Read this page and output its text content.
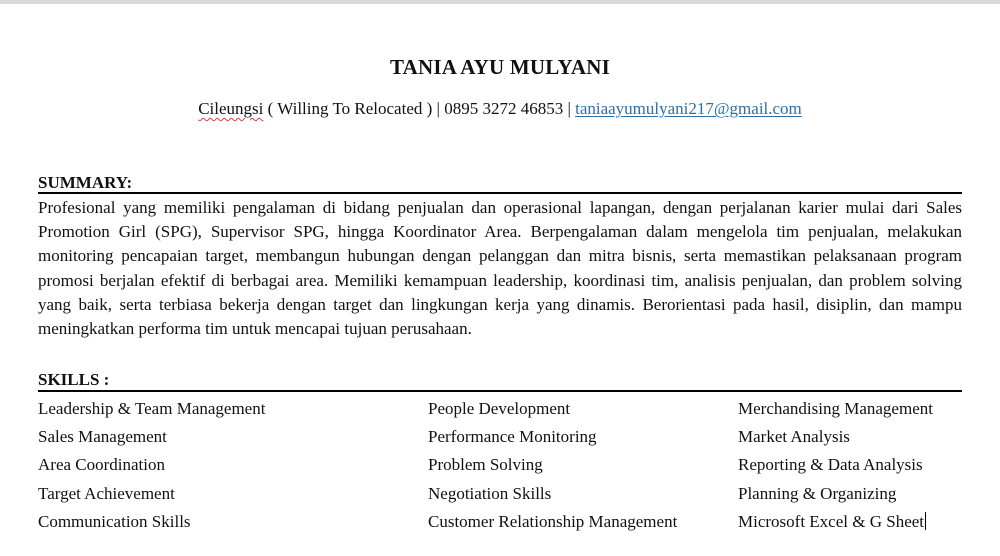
TANIA AYU MULYANI
Cileungsi ( Willing To Relocated ) | 0895 3272 46853 | taniaayumulyani217@gmail.com
SUMMARY:
Profesional yang memiliki pengalaman di bidang penjualan dan operasional lapangan, dengan perjalanan karier mulai dari Sales Promotion Girl (SPG), Supervisor SPG, hingga Koordinator Area. Berpengalaman dalam mengelola tim penjualan, melakukan monitoring pencapaian target, membangun hubungan dengan pelanggan dan mitra bisnis, serta memastikan pelaksanaan program promosi berjalan efektif di berbagai area. Memiliki kemampuan leadership, koordinasi tim, analisis penjualan, dan problem solving yang baik, serta terbiasa bekerja dengan target dan lingkungan kerja yang dinamis. Berorientasi pada hasil, disiplin, dan mampu meningkatkan performa tim untuk mencapai tujuan perusahaan.
SKILLS :
Leadership & Team Management
Sales Management
Area Coordination
Target Achievement
Communication Skills
People Development
Performance Monitoring
Problem Solving
Negotiation Skills
Customer Relationship Management
Merchandising Management
Market Analysis
Reporting & Data Analysis
Planning & Organizing
Microsoft Excel & G Sheet
